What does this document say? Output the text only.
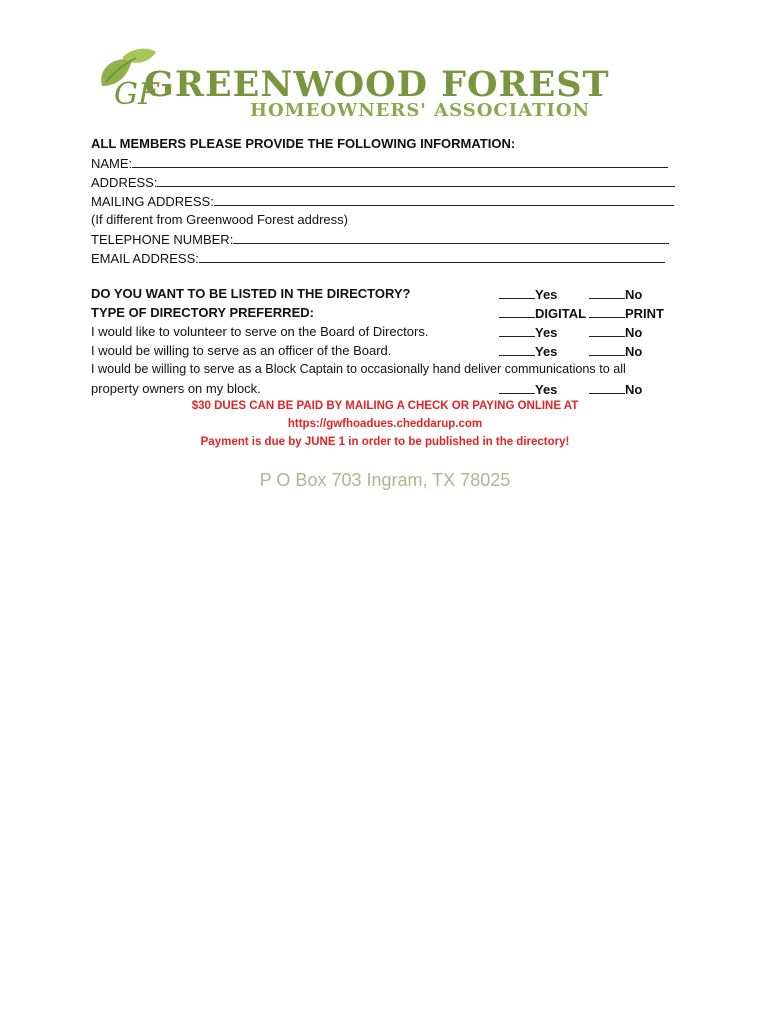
GF
GREENWOOD FOREST
HOMEOWNERS' ASSOCIATION
ALL MEMBERS PLEASE PROVIDE THE FOLLOWING INFORMATION:
NAME:
ADDRESS:
MAILING ADDRESS:
(If different from Greenwood Forest address)
TELEPHONE NUMBER:
EMAIL ADDRESS:
DO YOU WANT TO BE LISTED IN THE DIRECTORY?	Yes	No
TYPE OF DIRECTORY PREFERRED:	DIGITAL	PRINT
I would like to volunteer to serve on the Board of Directors.	Yes	No
I would be willing to serve as an officer of the Board.	Yes	No
I would be willing to serve as a Block Captain to occasionally hand deliver communications to all
property owners on my block.	Yes	No
$30 DUES CAN BE PAID BY MAILING A CHECK OR PAYING ONLINE AT
https://gwfhoadues.cheddarup.com
Payment is due by JUNE 1 in order to be published in the directory!
P O Box 703 Ingram, TX 78025
